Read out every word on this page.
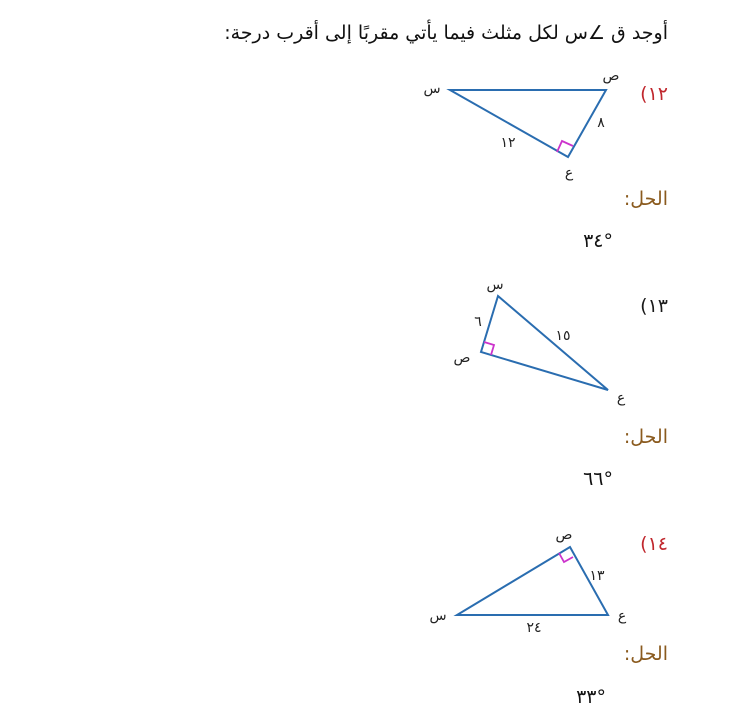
أوجد ق ∠س لكل مثلث فيما يأتي مقربًا إلى أقرب درجة:
١٢)
س
ص
ع
٨
١٢
الحل:
°٣٤
١٣)
س
ص
ع
٦
١٥
الحل:
°٦٦
١٤)
س
ص
ع
١٣
٢٤
الحل:
°٣٣
